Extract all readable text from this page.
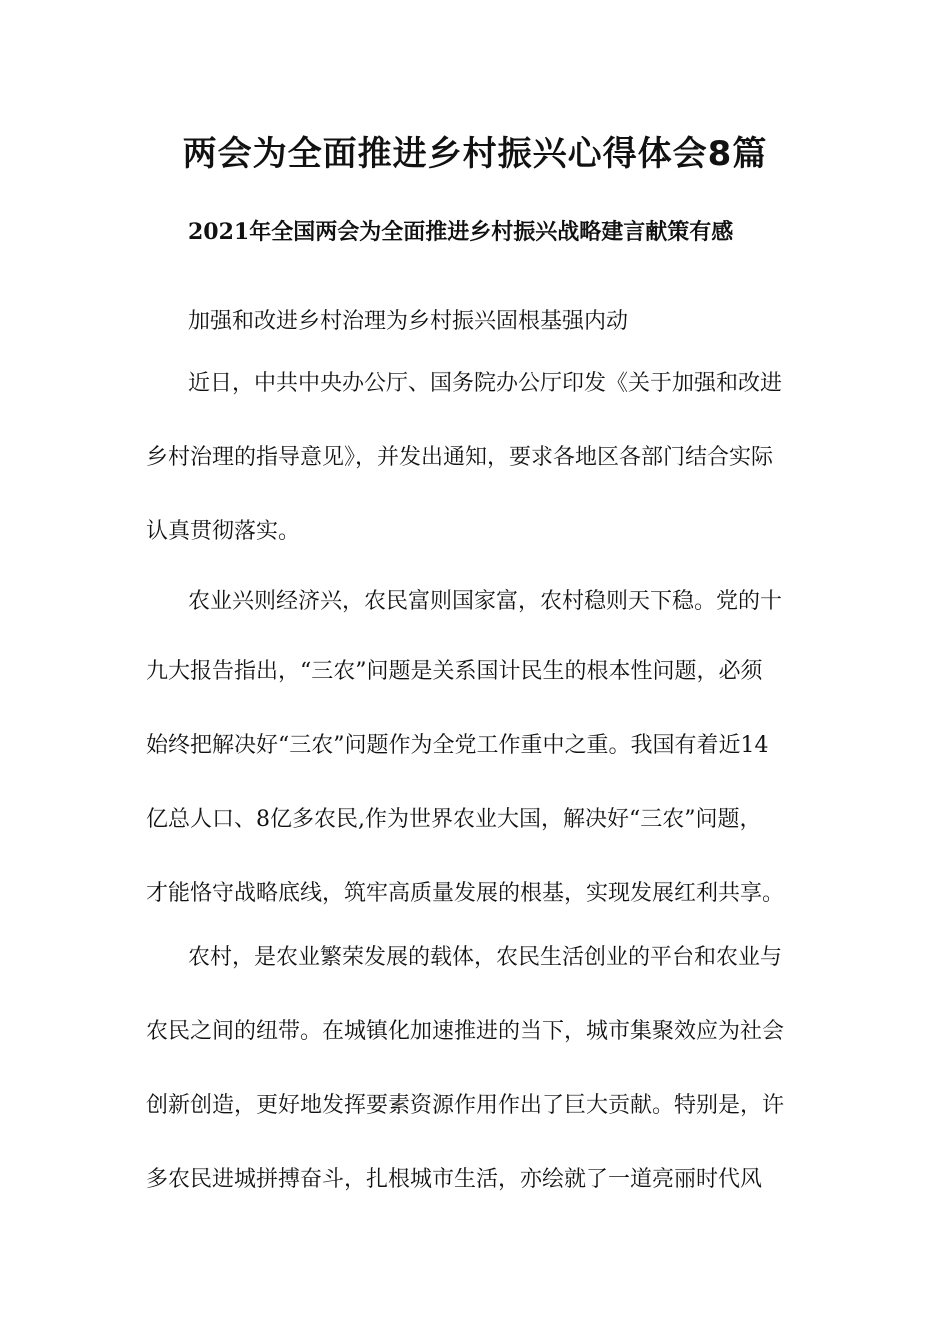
两会为全面推进乡村振兴心得体会8篇

2021年全国两会为全面推进乡村振兴战略建言献策有感

加强和改进乡村治理为乡村振兴固根基强内动

近日，中共中央办公厅、国务院办公厅印发《关于加强和改进

乡村治理的指导意见》，并发出通知，要求各地区各部门结合实际

认真贯彻落实。

农业兴则经济兴，农民富则国家富，农村稳则天下稳。党的十

九大报告指出，“三农”问题是关系国计民生的根本性问题，必须

始终把解决好“三农”问题作为全党工作重中之重。我国有着近14

亿总人口、8亿多农民,作为世界农业大国，解决好“三农”问题，

才能恪守战略底线，筑牢高质量发展的根基，实现发展红利共享。

农村，是农业繁荣发展的载体，农民生活创业的平台和农业与

农民之间的纽带。在城镇化加速推进的当下，城市集聚效应为社会

创新创造，更好地发挥要素资源作用作出了巨大贡献。特别是，许

多农民进城拼搏奋斗，扎根城市生活，亦绘就了一道亮丽时代风
